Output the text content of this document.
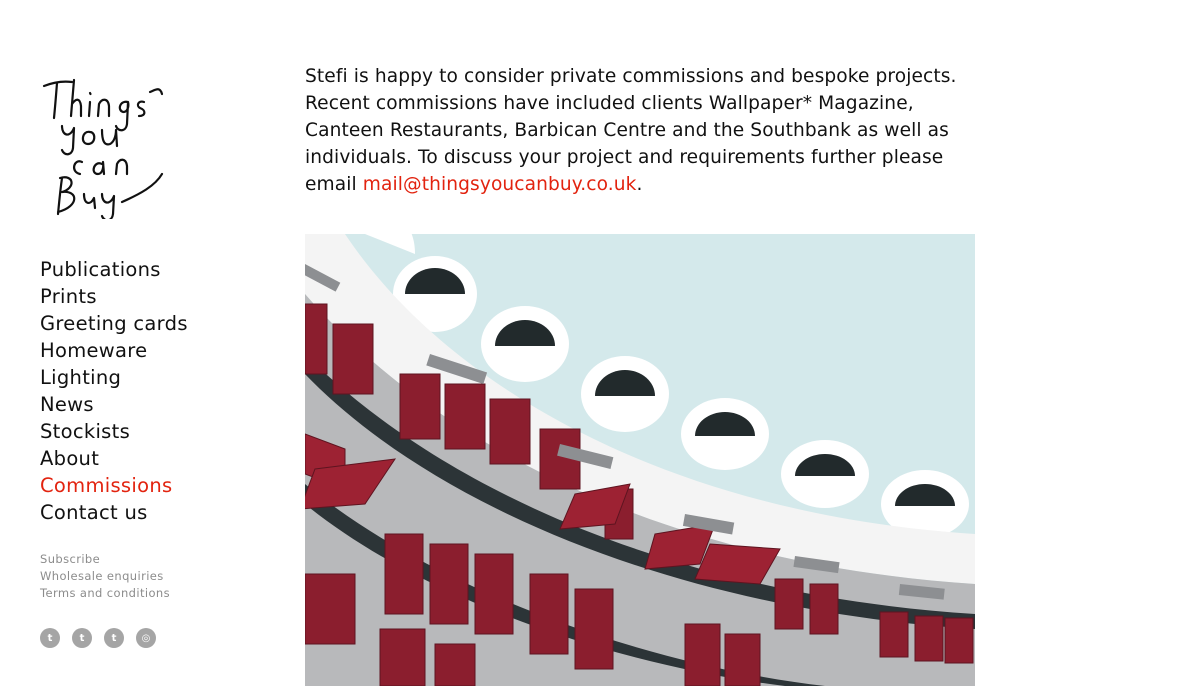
Publications
Prints
Greeting cards
Homeware
Lighting
News
Stockists
About
Commissions
Contact us
Subscribe
Wholesale enquiries
Terms and conditions
t	t	t	◎

Stefi is happy to consider private commissions and bespoke projects. Recent commissions have included clients Wallpaper* Magazine, Canteen Restaurants, Barbican Centre and the Southbank as well as individuals. To discuss your project and requirements further please email mail@thingsyoucanbuy.co.uk.
